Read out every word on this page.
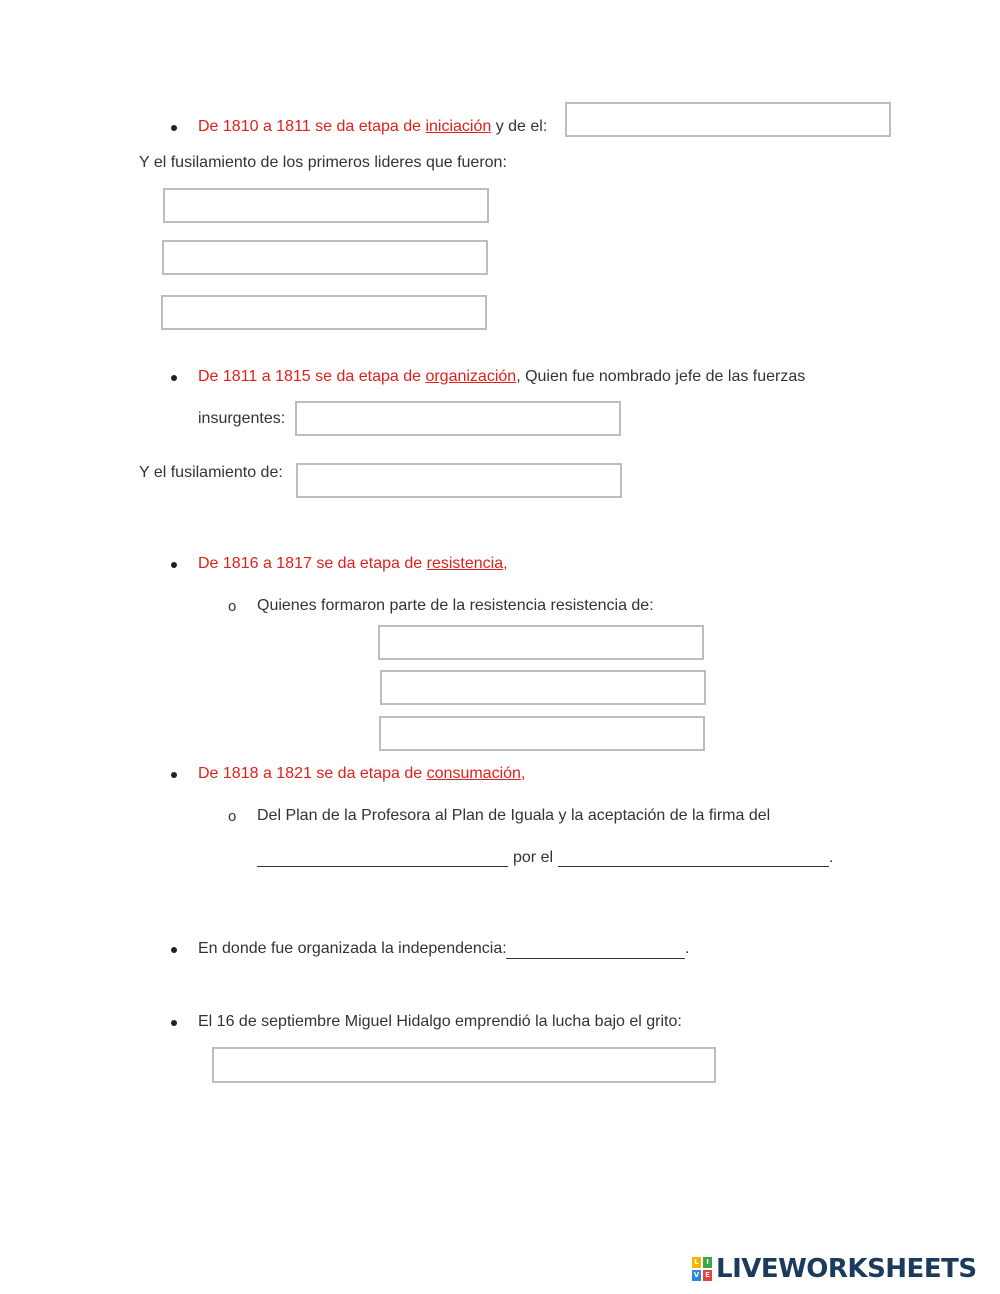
De 1810 a 1811 se da etapa de iniciación y de el:
Y el fusilamiento de los primeros lideres que fueron:
De 1811 a 1815 se da etapa de organización, Quien fue nombrado jefe de las fuerzas
insurgentes:
Y el fusilamiento de:
De 1816 a 1817 se da etapa de resistencia,
o Quienes formaron parte de la resistencia resistencia de:
De 1818 a 1821 se da etapa de consumación,
o Del Plan de la Profesora al Plan de Iguala y la aceptación de la firma del
por el	.
En donde fue organizada la independencia:	.
El 16 de septiembre Miguel Hidalgo emprendió la lucha bajo el grito:
L	I
V E LIVEWORKSHEETS
